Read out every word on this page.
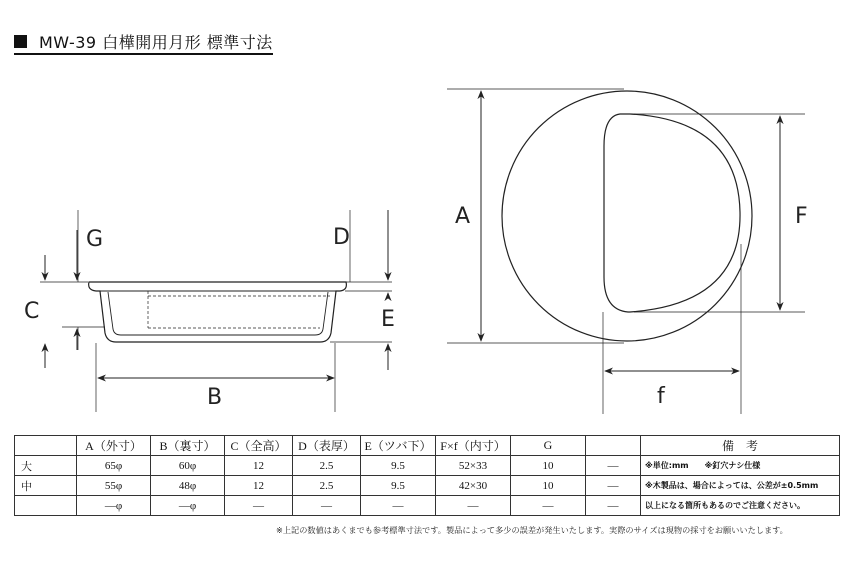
MW-39 白樺開用月形 標準寸法
G
C
B
D
E
A	F
f
	A（外寸）	B（裏寸）	C（全高）	D（表厚）	E（ツバ下）	F×f（内寸）	G		備　考
大	65φ	60φ	12	2.5	9.5	52×33	10	—	※単位:mm　　※釘穴ナシ仕様
中	55φ	48φ	12	2.5	9.5	42×30	10	—	※木製品は、場合によっては、公差が±0.5mm
	—φ	—φ	—	—	—	—	—	—	以上になる箇所もあるのでご注意ください。
※上記の数値はあくまでも参考標準寸法です。製品によって多少の誤差が発生いたします。実際のサイズは現物の採寸をお願いいたします。
